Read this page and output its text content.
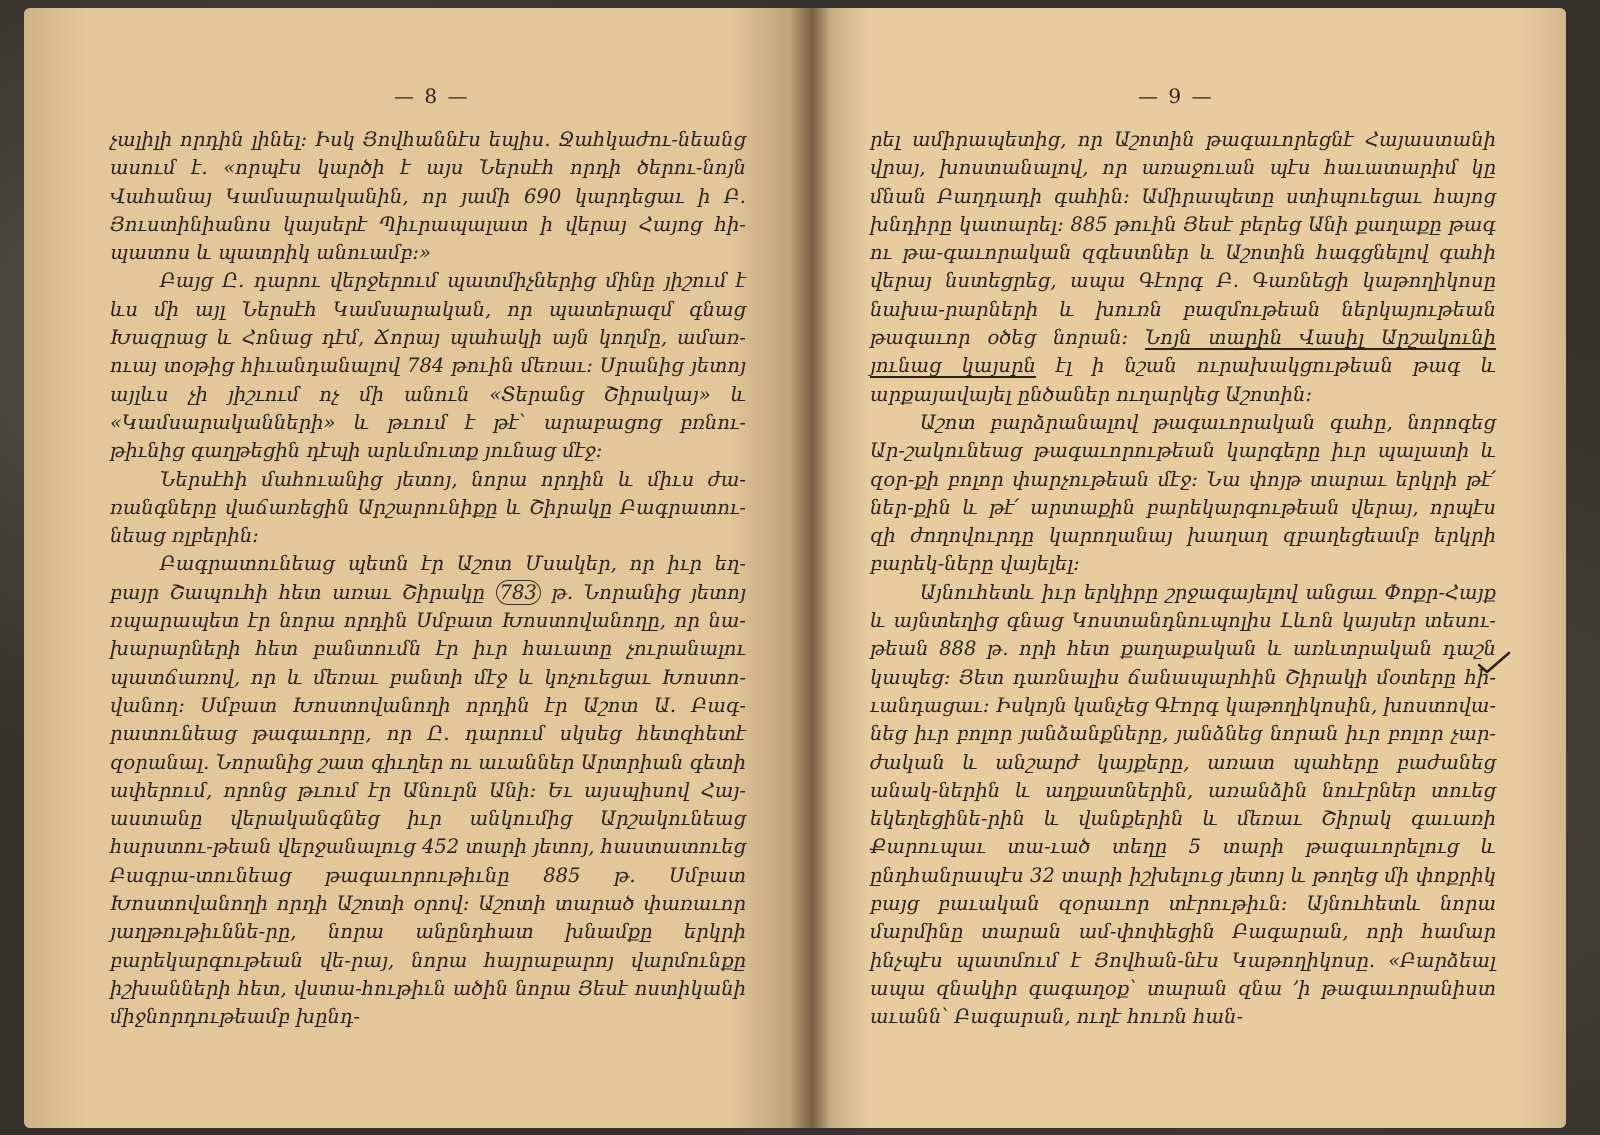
— 8 —

չալիլի որդին լինել։ Իսկ Յովհաննէս եպիս. Ջահկաժու-նեանց ասում է. «որպէս կարծի է այս Ներսէհ որդի ծերու-նոյն Վահանայ Կամսարականին, որ յամի 690 կարդեցաւ ի Բ. Յուստինիանոս կայսերէ Պիւրապալատ ի վերայ Հայոց հի-պատոս և պատրիկ անուամբ։»

Բայց Ը. դարու վերջերում պատմիչներից մինը յիշում է ևս մի այլ Ներսէհ Կամսարական, որ պատերազմ գնաց Խազրաց և Հոնաց դէմ, Ճորայ պահակի այն կողմը, ամառ-ուայ տօթից հիւանդանալով 784 թուին մեռաւ։ Սրանից յետոյ այլևս չի յիշւում ոչ մի անուն «Տերանց Շիրակայ» և «Կամսարականների» և թւում է թէ՝ արաբացոց բռնու-թիւնից գաղթեցին դէպի արևմուտք յունաց մէջ։

Ներսէհի մահուանից յետոյ, նորա որդին և միւս ժա-ռանգները վաճառեցին Արշարունիքը և Շիրակը Բագրատու-նեաց ռլբերին։

Բագրատունեաց պետն էր Աշոտ Մսակեր, որ իւր եղ-բայր Շապուհի հետ առաւ Շիրակը 783 թ. Նորանից յետոյ ռպարապետ էր նորա որդին Սմբատ Խոստովանողը, որ նա-խարարների հետ բանտումն էր իւր հաւատը չուրանալու պատճառով, որ և մեռաւ բանտի մէջ և կոչուեցաւ Խոստո-վանող։ Սմբատ Խոստովանողի որդին էր Աշոտ Ա. Բագ-րատունեաց թագաւորը, որ Ը. դարում սկսեց հետզհետէ զօրանալ. Նորանից շատ գիւղեր ու աւաններ Արտրիան գետի ափերում, որոնց թւում էր Անուրն Անի։ Եւ այսպիսով Հայ-աստանը վերականգնեց իւր անկումից Արշակունեաց հարստու-թեան վերջանալուց 452 տարի յետոյ, հաստատուեց Բագրա-տունեաց թագաւորութիւնը 885 թ. Սմբատ Խոստովանողի որդի Աշոտի օրով։ Աշոտի տարած փառաւոր յաղթութիւննե-րը, նորա անընդհատ խնամքը երկրի բարեկարգութեան վե-րայ, նորա հայրաբարոյ վարմունքը իշխանների հետ, վստա-հութիւն ածին նորա Յեսէ ոստիկանի միջնորդութեամբ խընդ-

— 9 —

րել ամիրապետից, որ Աշոտին թագաւորեցնէ Հայաստանի վրայ, խոստանալով, որ առաջուան պէս հաւատարիմ կը մնան Բաղդադի գահին։ Ամիրապետը ստիպուեցաւ հայոց խնդիրը կատարել։ 885 թուին Յեսէ բերեց Անի քաղաքը թագ ու թա-գաւորական զգեստներ և Աշոտին հագցնելով գահի վերայ նստեցրեց, ապա Գէորգ Բ. Գառնեցի կաթողիկոսը նախա-րարների և խուռն բազմութեան ներկայութեան թագաւոր օծեց նորան։ Նոյն տարին Վասիլ Արշակունի յունաց կայսրն էլ ի նշան ուրախակցութեան թագ և արքայավայել ընծաներ ուղարկեց Աշոտին։

Աշոտ բարձրանալով թագաւորական գահը, նորոգեց Ար-շակունեաց թագաւորութեան կարգերը իւր պալատի և զօր-քի բոլոր փարչութեան մէջ։ Նա փոյթ տարաւ երկրի թէ՛ ներ-քին և թէ՛ արտաքին բարեկարգութեան վերայ, որպէս զի ժողովուրդը կարողանայ խաղաղ զբաղեցեամբ երկրի բարեկ-ները վայելել։

Այնուհետև իւր երկիրը շրջագայելով անցաւ Փոքր-Հայք և այնտեղից գնաց Կոստանդնուպոլիս Լևոն կայսեր տեսու-թեան 888 թ. որի հետ քաղաքական և առևտրական դաշն կապեց։ Յետ դառնալիս ճանապարհին Շիրակի մօտերը հի-ւանդացաւ։ Իսկոյն կանչեց Գէորգ կաթողիկոսին, խոստովա-նեց իւր բոլոր յանձանքները, յանձնեց նորան իւր բոլոր չար-ժական և անշարժ կայքերը, առատ պահերը բաժանեց անակ-ներին և աղքատներին, առանձին նուէրներ տուեց եկեղեցինե-րին և վանքերին և մեռաւ Շիրակ գաւառի Քարուպաւ տա-ւած տեղը 5 տարի թագաւորելուց և ընդհանրապէս 32 տարի իշխելուց յետոյ և թողեց մի փոքրիկ բայց բաւական զօրաւոր տէրութիւն։ Այնուհետև նորա մարմինը տարան ամ-փոփեցին Բագարան, որի համար ինչպէս պատմում է Յովհան-նէս Կաթողիկոսը. «Բարձեալ ապա զնակիր գագաղօք՝ տարան զնա ՚ի թագաւորանիստ աւանն՝ Բագարան, ուղէ հուռն հան-
